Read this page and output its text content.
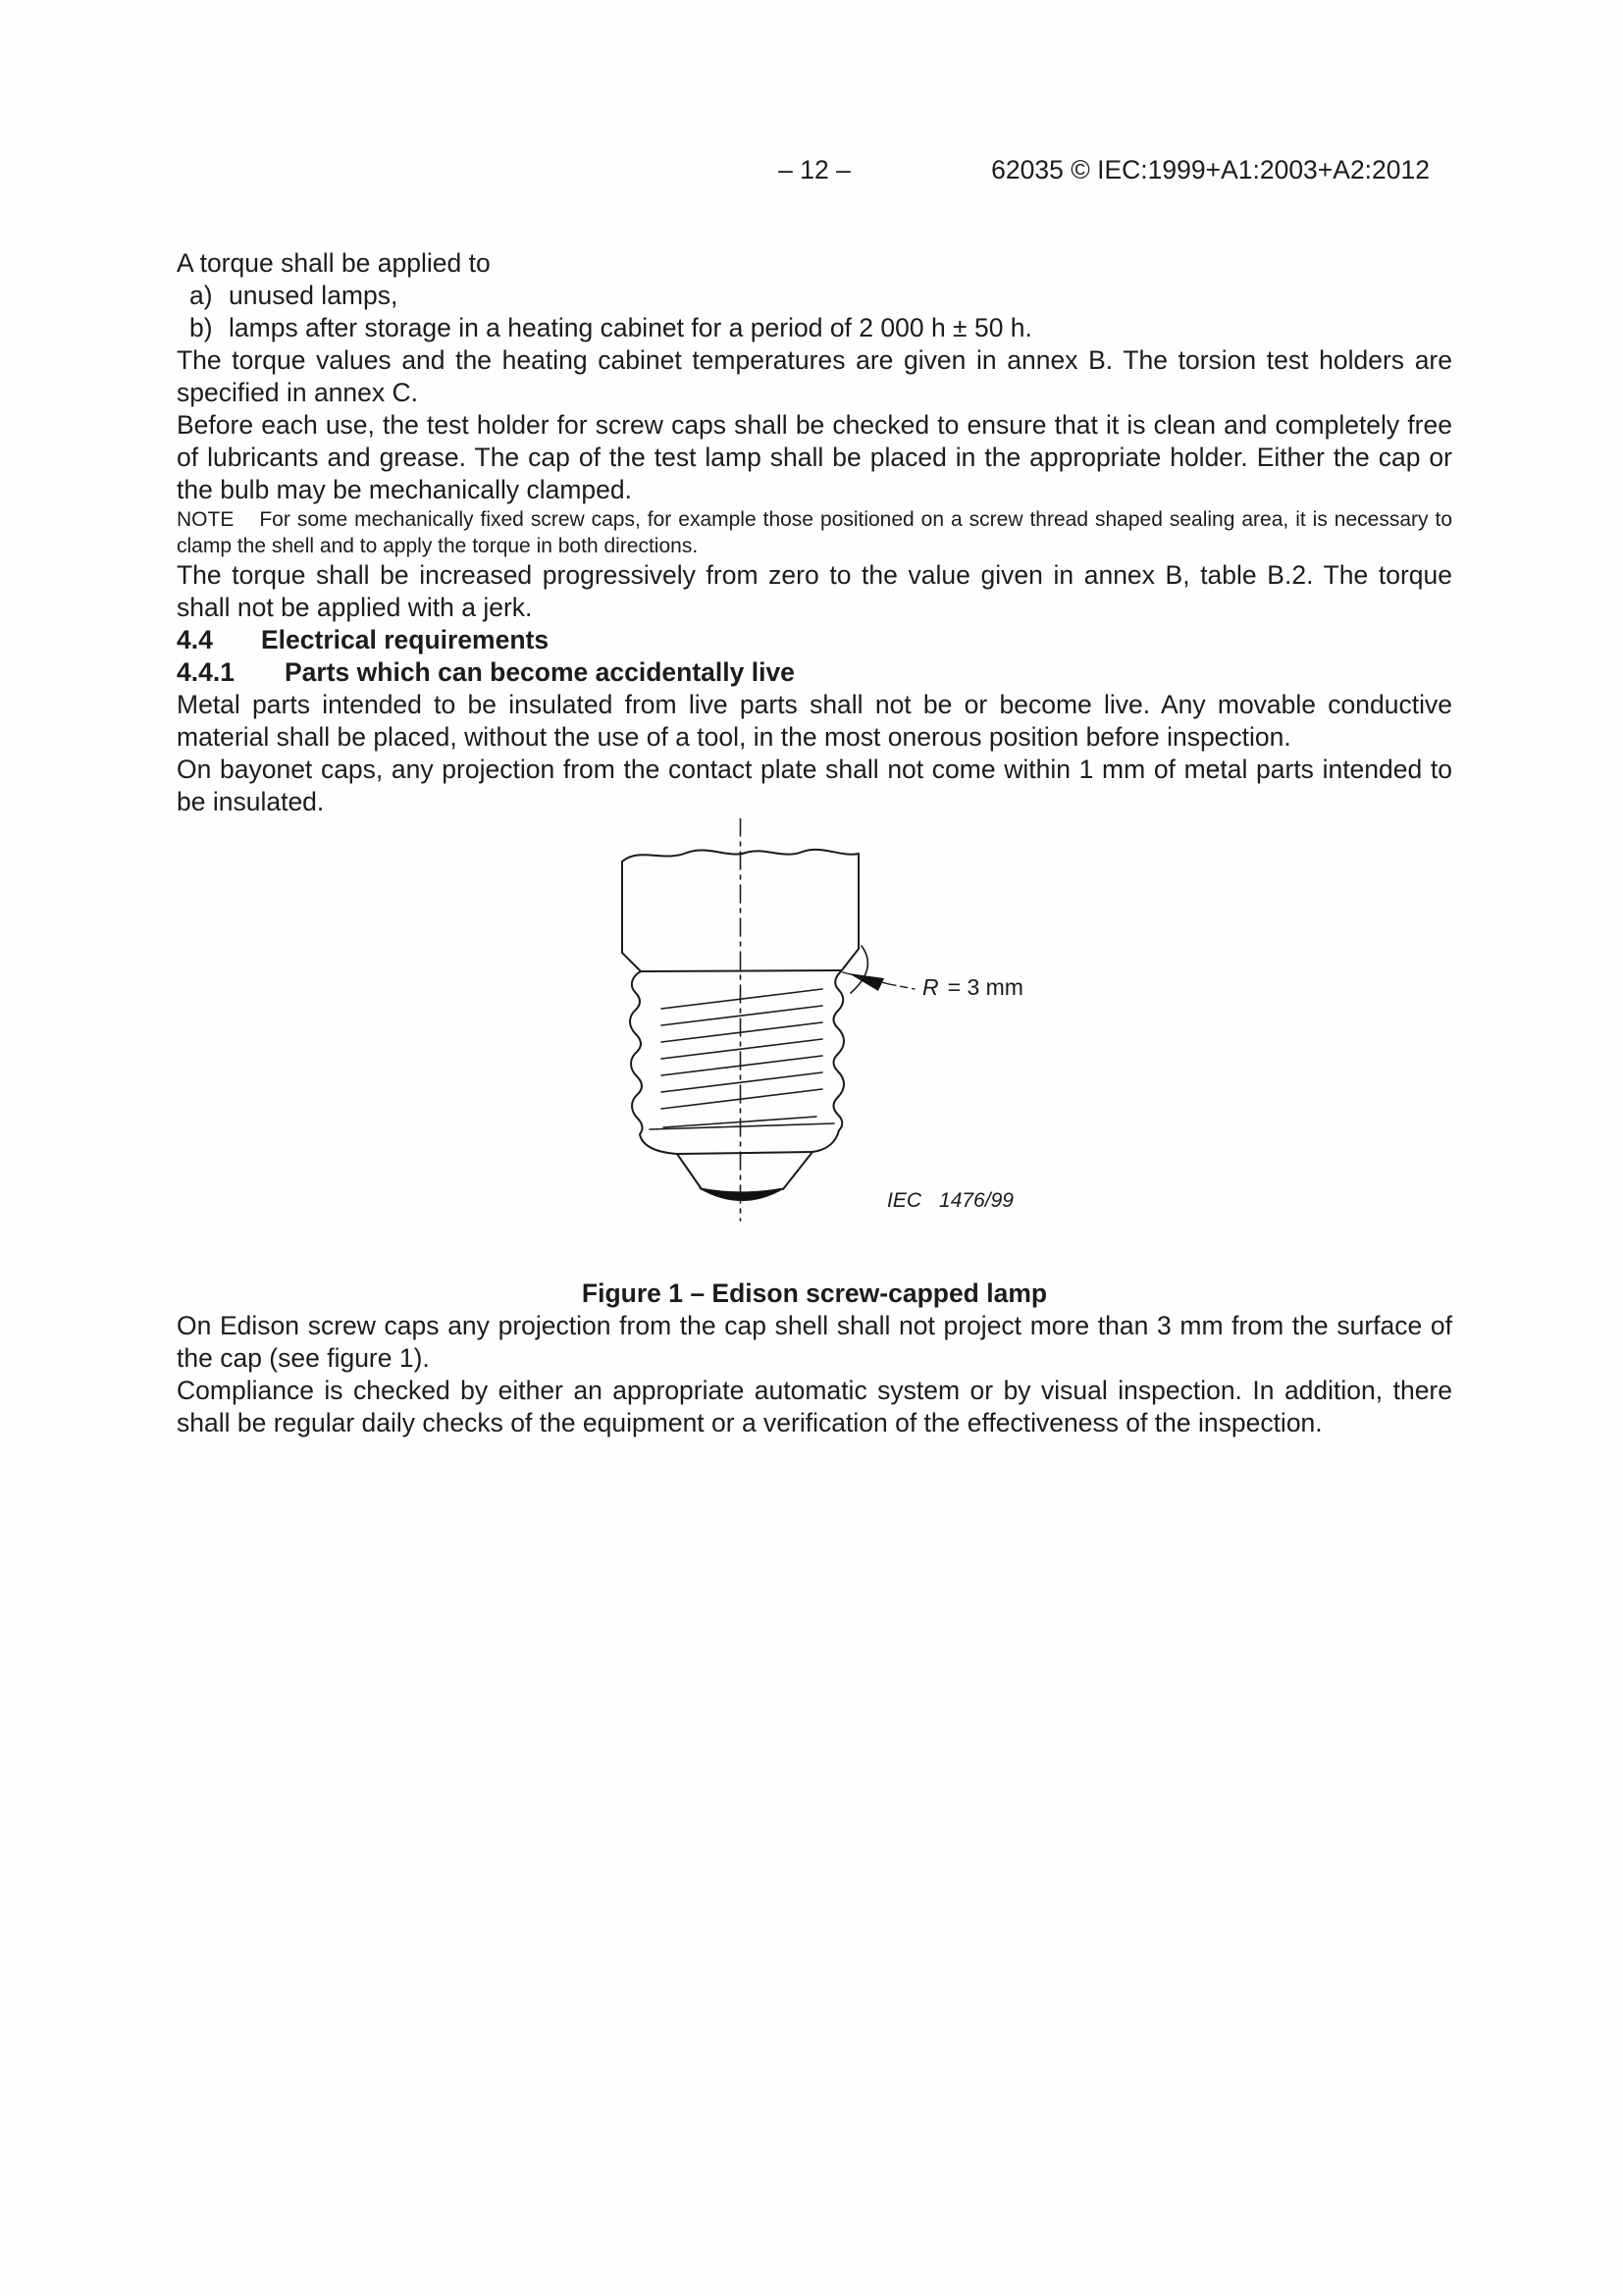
– 12 –	62035 © IEC:1999+A1:2003+A2:2012

A torque shall be applied to

a) unused lamps,
b) lamps after storage in a heating cabinet for a period of 2 000 h ± 50 h.

The torque values and the heating cabinet temperatures are given in annex B. The torsion test holders are specified in annex C.

Before each use, the test holder for screw caps shall be checked to ensure that it is clean and completely free of lubricants and grease. The cap of the test lamp shall be placed in the appropriate holder. Either the cap or the bulb may be mechanically clamped.

NOTE For some mechanically fixed screw caps, for example those positioned on a screw thread shaped sealing area, it is necessary to clamp the shell and to apply the torque in both directions.

The torque shall be increased progressively from zero to the value given in annex B, table B.2. The torque shall not be applied with a jerk.

4.4 Electrical requirements
4.4.1 Parts which can become accidentally live

Metal parts intended to be insulated from live parts shall not be or become live. Any movable conductive material shall be placed, without the use of a tool, in the most onerous position before inspection.

On bayonet caps, any projection from the contact plate shall not come within 1 mm of metal parts intended to be insulated.

R = 3 mm
IEC 1476/99

Figure 1 – Edison screw-capped lamp

On Edison screw caps any projection from the cap shell shall not project more than 3 mm from the surface of the cap (see figure 1).

Compliance is checked by either an appropriate automatic system or by visual inspection. In addition, there shall be regular daily checks of the equipment or a verification of the effectiveness of the inspection.
